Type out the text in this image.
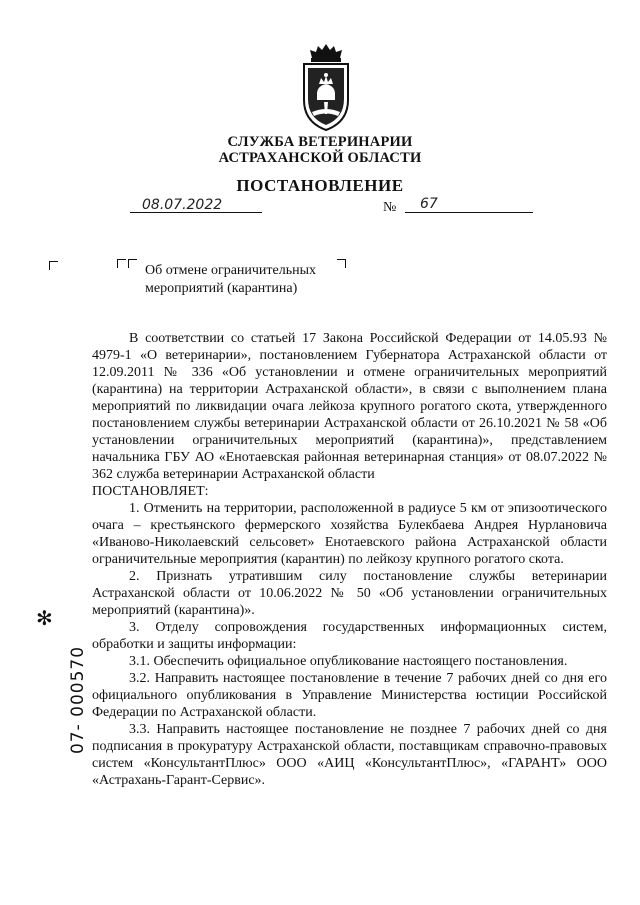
СЛУЖБА ВЕТЕРИНАРИИ
АСТРАХАНСКОЙ ОБЛАСТИ
ПОСТАНОВЛЕНИЕ
08.07.2022	№ 67
Об отмене ограничительных мероприятий (карантина)
✻
07- 000570

В соответствии со статьей 17 Закона Российской Федерации от 14.05.93 № 4979-1 «О ветеринарии», постановлением Губернатора Астраханской области от 12.09.2011 № 336 «Об установлении и отмене ограничительных мероприятий (карантина) на территории Астраханской области», в связи с выполнением плана мероприятий по ликвидации очага лейкоза крупного рогатого скота, утвержденного постановлением службы ветеринарии Астраханской области от 26.10.2021 № 58 «Об установлении ограничительных мероприятий (карантина)», представлением начальника ГБУ АО «Енотаевская районная ветеринарная станция» от 08.07.2022 № 362 служба ветеринарии Астраханской области

ПОСТАНОВЛЯЕТ:

1. Отменить на территории, расположенной в радиусе 5 км от эпизоотического очага – крестьянского фермерского хозяйства Булекбаева Андрея Нурлановича «Иваново-Николаевский сельсовет» Енотаевского района Астраханской области ограничительные мероприятия (карантин) по лейкозу крупного рогатого скота.

2. Признать утратившим силу постановление службы ветеринарии Астраханской области от 10.06.2022 № 50 «Об установлении ограничительных мероприятий (карантина)».

3. Отделу сопровождения государственных информационных систем, обработки и защиты информации:

3.1. Обеспечить официальное опубликование настоящего постановления.

3.2. Направить настоящее постановление в течение 7 рабочих дней со дня его официального опубликования в Управление Министерства юстиции Российской Федерации по Астраханской области.

3.3. Направить настоящее постановление не позднее 7 рабочих дней со дня подписания в прокуратуру Астраханской области, поставщикам справочно-правовых систем «КонсультантПлюс» ООО «АИЦ «КонсультантПлюс», «ГАРАНТ» ООО «Астрахань-Гарант-Сервис».
